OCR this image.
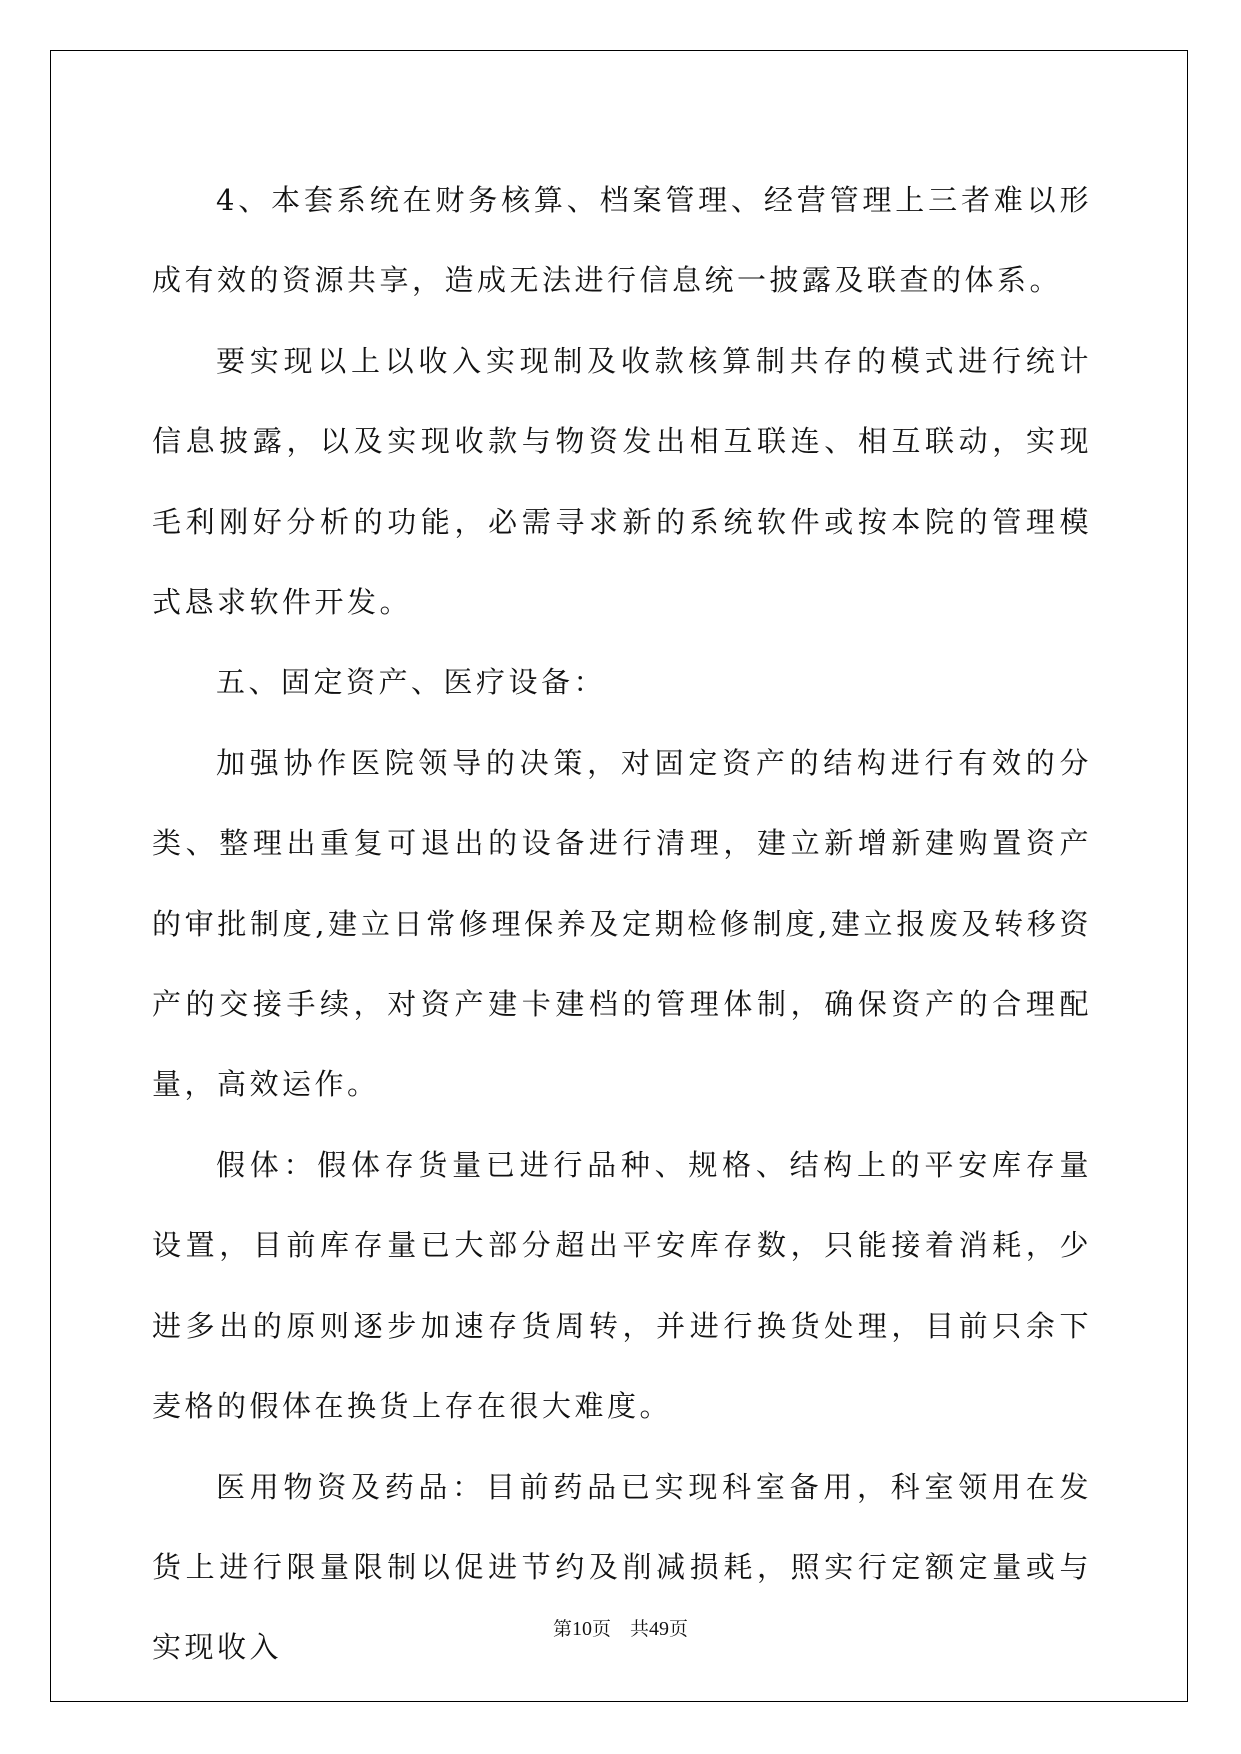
4、本套系统在财务核算、档案管理、经营管理上三者难以形成有效的资源共享，造成无法进行信息统一披露及联查的体系。

要实现以上以收入实现制及收款核算制共存的模式进行统计信息披露，以及实现收款与物资发出相互联连、相互联动，实现毛利刚好分析的功能，必需寻求新的系统软件或按本院的管理模式恳求软件开发。

五、固定资产、医疗设备：

加强协作医院领导的决策，对固定资产的结构进行有效的分类、整理出重复可退出的设备进行清理，建立新增新建购置资产的审批制度,建立日常修理保养及定期检修制度,建立报废及转移资产的交接手续，对资产建卡建档的管理体制，确保资产的合理配量，高效运作。

假体：假体存货量已进行品种、规格、结构上的平安库存量设置，目前库存量已大部分超出平安库存数，只能接着消耗，少进多出的原则逐步加速存货周转，并进行换货处理，目前只余下麦格的假体在换货上存在很大难度。

医用物资及药品：目前药品已实现科室备用，科室领用在发货上进行限量限制以促进节约及削减损耗，照实行定额定量或与实现收入

第10页　共49页
